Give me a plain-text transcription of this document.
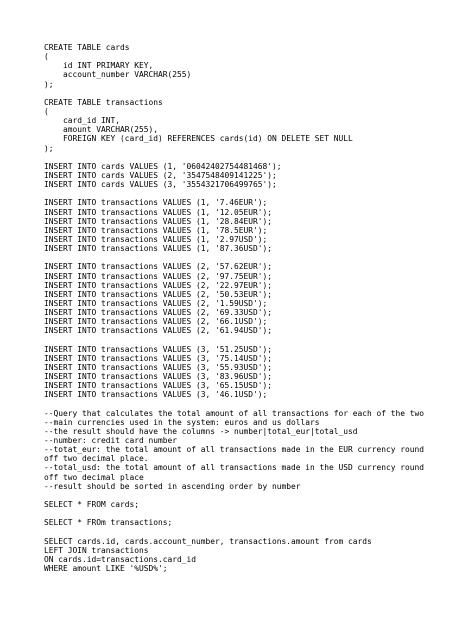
CREATE TABLE cards
(
id INT PRIMARY KEY,
account_number VARCHAR(255)
);
CREATE TABLE transactions
(
card_id INT,
amount VARCHAR(255),
FOREIGN KEY (card_id) REFERENCES cards(id) ON DELETE SET NULL
);
INSERT INTO cards VALUES (1, '06042402754481468');
INSERT INTO cards VALUES (2, '3547548409141225');
INSERT INTO cards VALUES (3, '3554321706499765');
INSERT INTO transactions VALUES (1, '7.46EUR');
INSERT INTO transactions VALUES (1, '12.05EUR');
INSERT INTO transactions VALUES (1, '28.84EUR');
INSERT INTO transactions VALUES (1, '78.5EUR');
INSERT INTO transactions VALUES (1, '2.97USD');
INSERT INTO transactions VALUES (1, '87.36USD');
INSERT INTO transactions VALUES (2, '57.62EUR');
INSERT INTO transactions VALUES (2, '97.75EUR');
INSERT INTO transactions VALUES (2, '22.97EUR');
INSERT INTO transactions VALUES (2, '50.53EUR');
INSERT INTO transactions VALUES (2, '1.59USD');
INSERT INTO transactions VALUES (2, '69.33USD');
INSERT INTO transactions VALUES (2, '66.1USD');
INSERT INTO transactions VALUES (2, '61.94USD');
INSERT INTO transactions VALUES (3, '51.25USD');
INSERT INTO transactions VALUES (3, '75.14USD');
INSERT INTO transactions VALUES (3, '55.93USD');
INSERT INTO transactions VALUES (3, '83.96USD');
INSERT INTO transactions VALUES (3, '65.15USD');
INSERT INTO transactions VALUES (3, '46.1USD');
--Query that calculates the total amount of all transactions for each of the two
--main currencies used in the system: euros and us dollars
--the result should have the columns -> number|total_eur|total_usd
--number: credit card number
--totat_eur: the total amount of all transactions made in the EUR currency round
off two decimal place.
--total_usd: the total amount of all transactions made in the USD currency round
off two decimal place
--result should be sorted in ascending order by number
SELECT * FROM cards;
SELECT * FROm transactions;
SELECT cards.id, cards.account_number, transactions.amount from cards
LEFT JOIN transactions
ON cards.id=transactions.card_id
WHERE amount LIKE '%USD%';
